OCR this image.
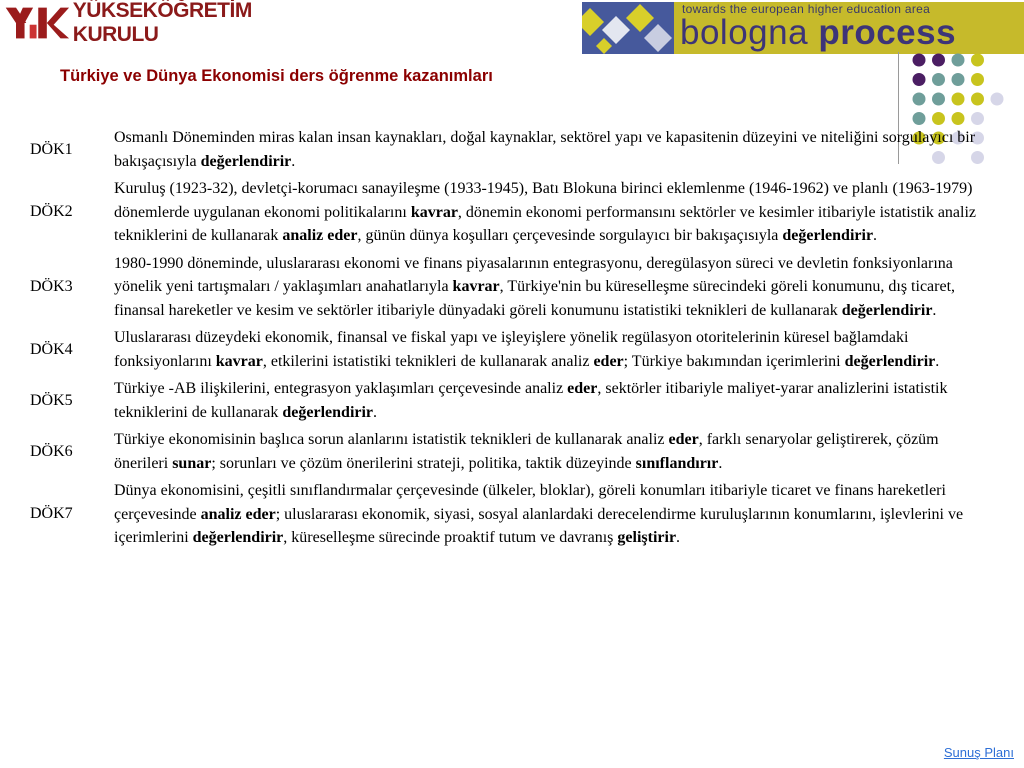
YÜKSEKÖĞRETİM KURULU
towards the european higher education area
bologna process
Türkiye ve Dünya Ekonomisi ders öğrenme kazanımları
DÖK1
Osmanlı Döneminden miras kalan insan kaynakları, doğal kaynaklar, sektörel yapı ve kapasitenin düzeyini ve niteliğini sorgulayıcı bir bakışaçısıyla değerlendirir.
DÖK2
Kuruluş (1923-32), devletçi-korumacı sanayileşme (1933-1945), Batı Blokuna birinci eklemlenme (1946-1962) ve planlı (1963-1979) dönemlerde uygulanan ekonomi politikalarını kavrar, dönemin ekonomi performansını sektörler ve kesimler itibariyle istatistik analiz tekniklerini de kullanarak analiz eder, günün dünya koşulları çerçevesinde sorgulayıcı bir bakışaçısıyla değerlendirir.
DÖK3
1980-1990 döneminde, uluslararası ekonomi ve finans piyasalarının entegrasyonu, deregülasyon süreci ve devletin fonksiyonlarına yönelik yeni tartışmaları / yaklaşımları anahatlarıyla kavrar, Türkiye'nin bu küreselleşme sürecindeki göreli konumunu, dış ticaret, finansal hareketler ve kesim ve sektörler itibariyle dünyadaki göreli konumunu istatistiki teknikleri de kullanarak değerlendirir.
DÖK4
Uluslararası düzeydeki ekonomik, finansal ve fiskal yapı ve işleyişlere yönelik regülasyon otoritelerinin küresel bağlamdaki fonksiyonlarını kavrar, etkilerini istatistiki teknikleri de kullanarak analiz eder; Türkiye bakımından içerimlerini değerlendirir.
DÖK5
Türkiye -AB ilişkilerini, entegrasyon yaklaşımları çerçevesinde analiz eder, sektörler itibariyle maliyet-yarar analizlerini istatistik tekniklerini de kullanarak değerlendirir.
DÖK6
Türkiye ekonomisinin başlıca sorun alanlarını istatistik teknikleri de kullanarak analiz eder, farklı senaryolar geliştirerek, çözüm önerileri sunar; sorunları ve çözüm önerilerini strateji, politika, taktik düzeyinde sınıflandırır.
DÖK7
Dünya ekonomisini, çeşitli sınıflandırmalar çerçevesinde (ülkeler, bloklar), göreli konumları itibariyle ticaret ve finans hareketleri çerçevesinde analiz eder; uluslararası ekonomik, siyasi, sosyal alanlardaki derecelendirme kuruluşlarının konumlarını, işlevlerini ve içerimlerini değerlendirir, küreselleşme sürecinde proaktif tutum ve davranış geliştirir.
Sunuş Planı
